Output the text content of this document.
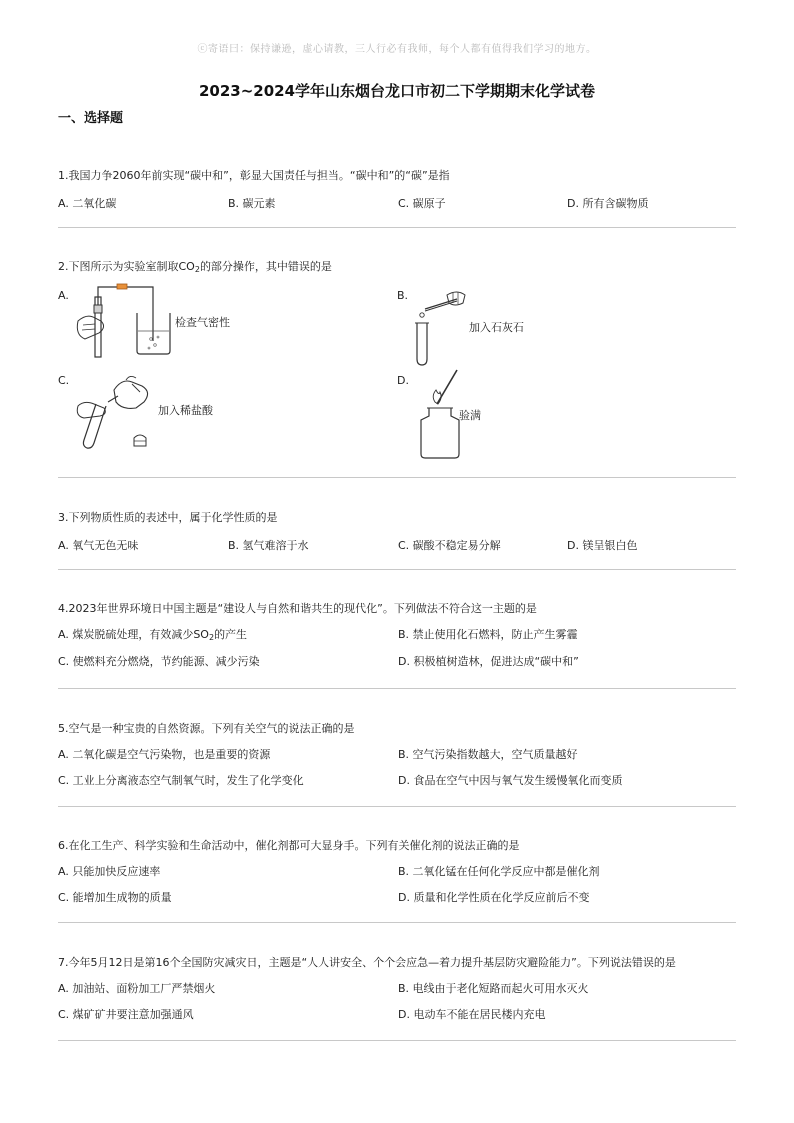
ⓒ寄语曰：保持谦逊，虚心请教，三人行必有我师，每个人都有值得我们学习的地方。
2023~2024学年山东烟台龙口市初二下学期期末化学试卷
一、选择题
1.我国力争2060年前实现“碳中和”，彰显大国责任与担当。“碳中和”的“碳”是指
A. 二氧化碳	B. 碳元素	C. 碳原子	D. 所有含碳物质
2.下图所示为实验室制取$CO_2$的部分操作，其中错误的是
A.
检查气密性
B.
加入石灰石
C.
加入稀盐酸
D.
验满
3.下列物质性质的表述中，属于化学性质的是
A. 氧气无色无味	B. 氢气难溶于水	C. 碳酸不稳定易分解	D. 镁呈银白色
4.2023年世界环境日中国主题是“建设人与自然和谐共生的现代化”。下列做法不符合这一主题的是
A. 煤炭脱硫处理，有效减少$SO_2$的产生	B. 禁止使用化石燃料，防止产生雾霾
C. 使燃料充分燃烧，节约能源、减少污染	D. 积极植树造林，促进达成“碳中和”
5.空气是一种宝贵的自然资源。下列有关空气的说法正确的是
A. 二氧化碳是空气污染物，也是重要的资源	B. 空气污染指数越大，空气质量越好
C. 工业上分离液态空气制氧气时，发生了化学变化	D. 食品在空气中因与氧气发生缓慢氧化而变质
6.在化工生产、科学实验和生命活动中，催化剂都可大显身手。下列有关催化剂的说法正确的是
A. 只能加快反应速率	B. 二氧化锰在任何化学反应中都是催化剂
C. 能增加生成物的质量	D. 质量和化学性质在化学反应前后不变
7.今年5月12日是第16个全国防灾减灾日，主题是“人人讲安全、个个会应急—着力提升基层防灾避险能力”。下列说法错误的是
A. 加油站、面粉加工厂严禁烟火	B. 电线由于老化短路而起火可用水灭火
C. 煤矿矿井要注意加强通风	D. 电动车不能在居民楼内充电
